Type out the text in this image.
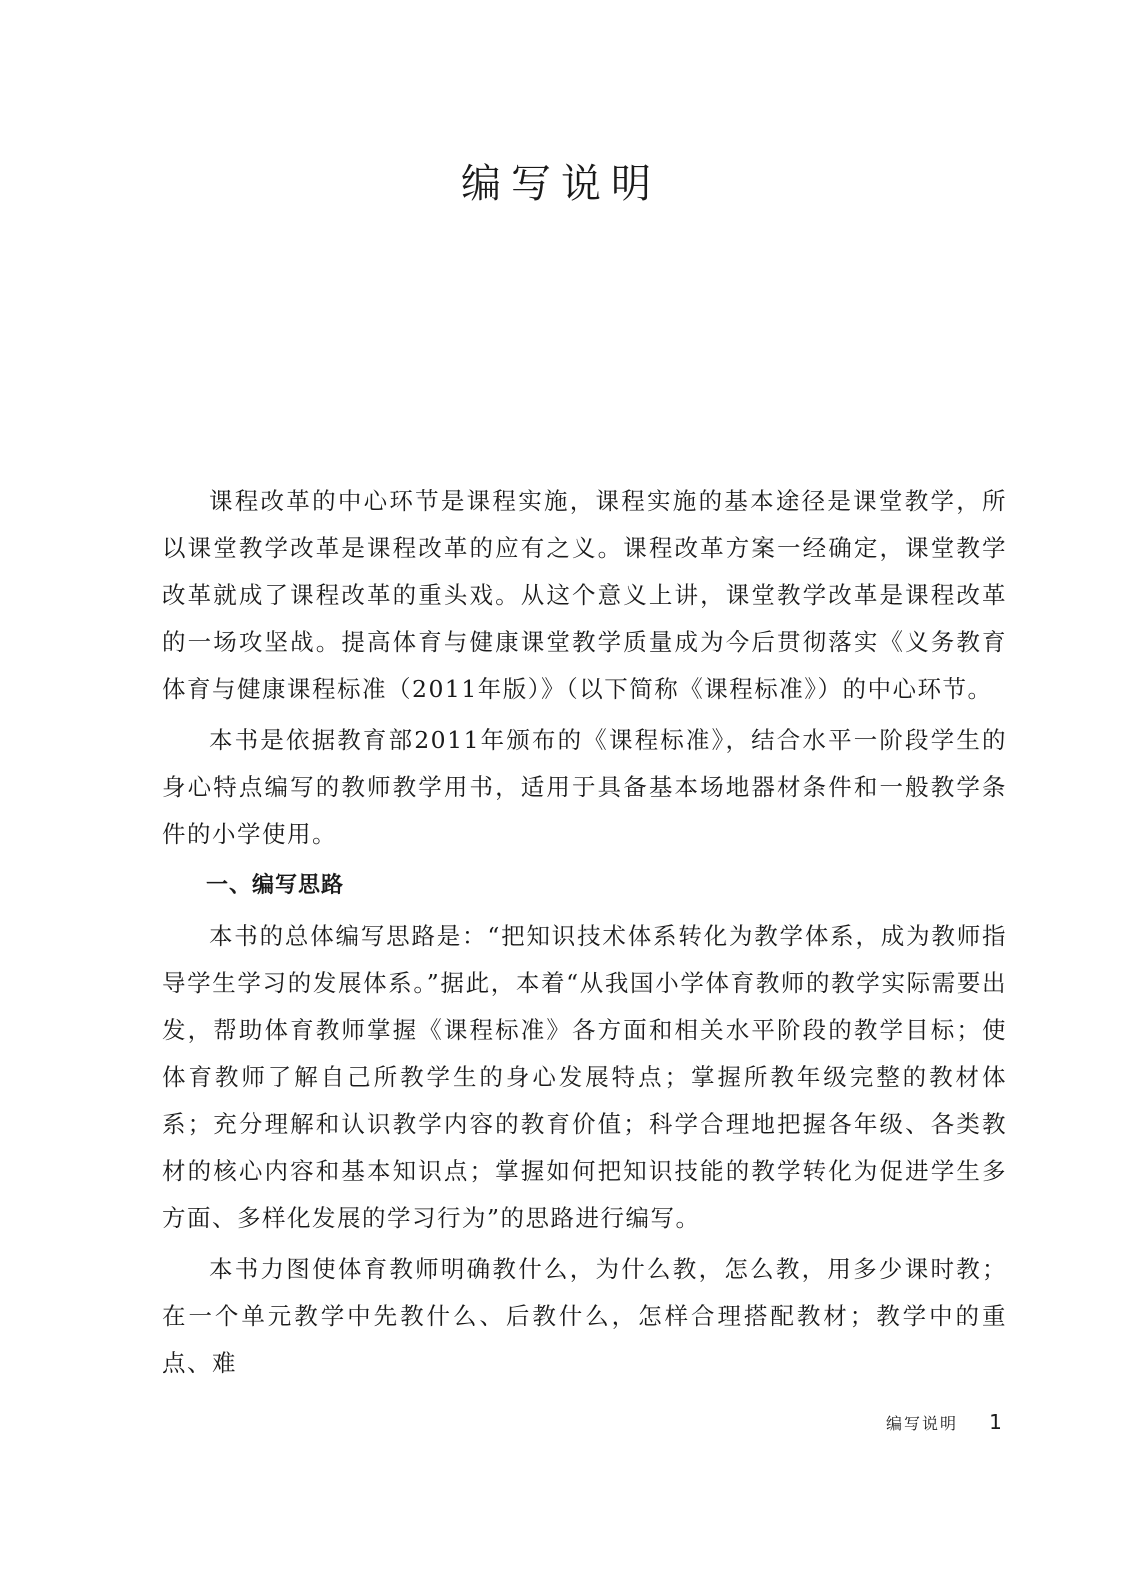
编写说明

课程改革的中心环节是课程实施，课程实施的基本途径是课堂教学，所以课堂教学改革是课程改革的应有之义。课程改革方案一经确定，课堂教学改革就成了课程改革的重头戏。从这个意义上讲，课堂教学改革是课程改革的一场攻坚战。提高体育与健康课堂教学质量成为今后贯彻落实《义务教育体育与健康课程标准（2011年版）》（以下简称《课程标准》）的中心环节。

本书是依据教育部2011年颁布的《课程标准》，结合水平一阶段学生的身心特点编写的教师教学用书，适用于具备基本场地器材条件和一般教学条件的小学使用。

一、编写思路

本书的总体编写思路是：“把知识技术体系转化为教学体系，成为教师指导学生学习的发展体系。”据此，本着“从我国小学体育教师的教学实际需要出发，帮助体育教师掌握《课程标准》各方面和相关水平阶段的教学目标；使体育教师了解自己所教学生的身心发展特点；掌握所教年级完整的教材体系；充分理解和认识教学内容的教育价值；科学合理地把握各年级、各类教材的核心内容和基本知识点；掌握如何把知识技能的教学转化为促进学生多方面、多样化发展的学习行为”的思路进行编写。

本书力图使体育教师明确教什么，为什么教，怎么教，用多少课时教；在一个单元教学中先教什么、后教什么，怎样合理搭配教材；教学中的重点、难

编写说明 1
